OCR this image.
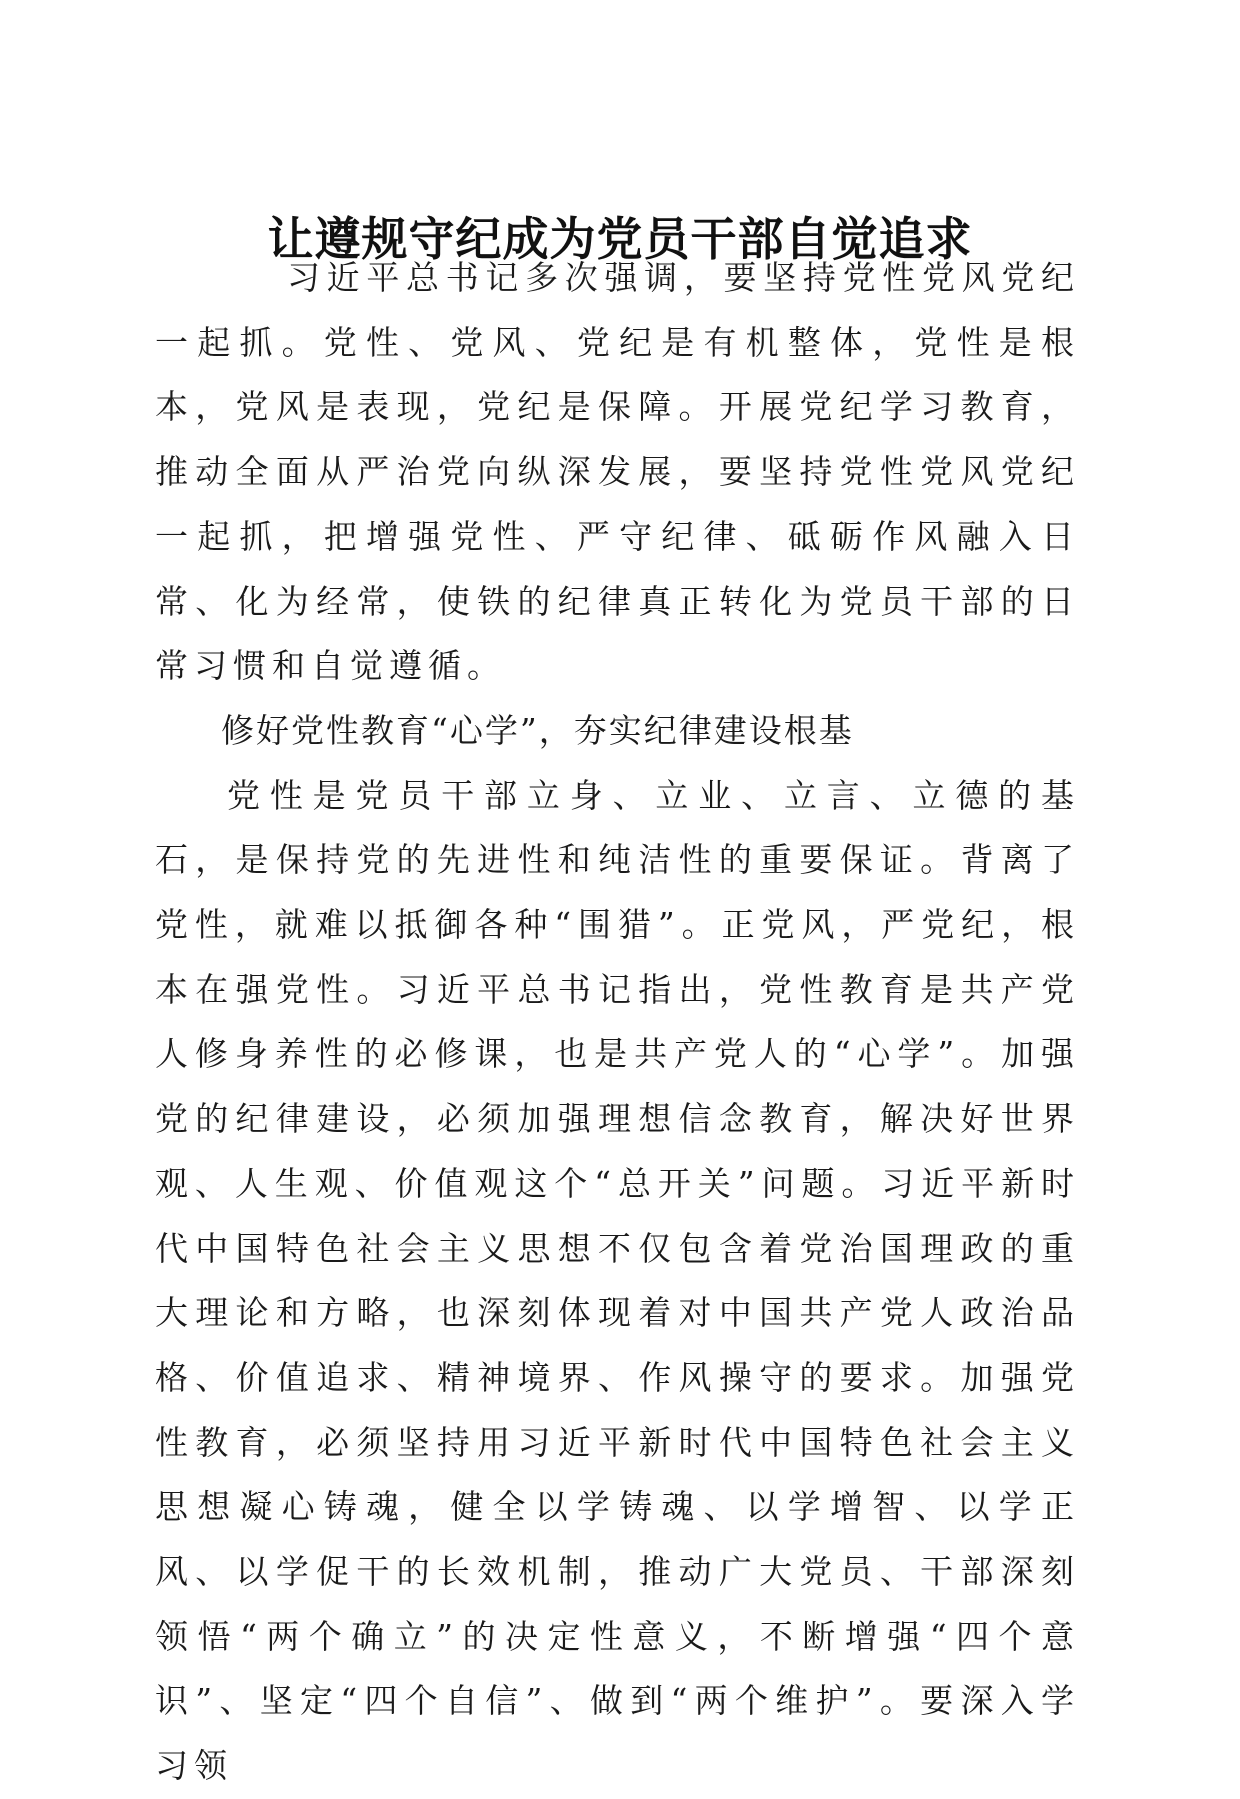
让遵规守纪成为党员干部自觉追求

习近平总书记多次强调，要坚持党性党风党纪一起抓。党性、党风、党纪是有机整体，党性是根本，党风是表现，党纪是保障。开展党纪学习教育，推动全面从严治党向纵深发展，要坚持党性党风党纪一起抓，把增强党性、严守纪律、砥砺作风融入日常、化为经常，使铁的纪律真正转化为党员干部的日常习惯和自觉遵循。

修好党性教育“心学”，夯实纪律建设根基

党性是党员干部立身、立业、立言、立德的基石，是保持党的先进性和纯洁性的重要保证。背离了党性，就难以抵御各种“围猎”。正党风，严党纪，根本在强党性。习近平总书记指出，党性教育是共产党人修身养性的必修课，也是共产党人的“心学”。加强党的纪律建设，必须加强理想信念教育，解决好世界观、人生观、价值观这个“总开关”问题。习近平新时代中国特色社会主义思想不仅包含着党治国理政的重大理论和方略，也深刻体现着对中国共产党人政治品格、价值追求、精神境界、作风操守的要求。加强党性教育，必须坚持用习近平新时代中国特色社会主义思想凝心铸魂，健全以学铸魂、以学增智、以学正风、以学促干的长效机制，推动广大党员、干部深刻领悟“两个确立”的决定性意义，不断增强“四个意识”、坚定“四个自信”、做到“两个维护”。要深入学习领
